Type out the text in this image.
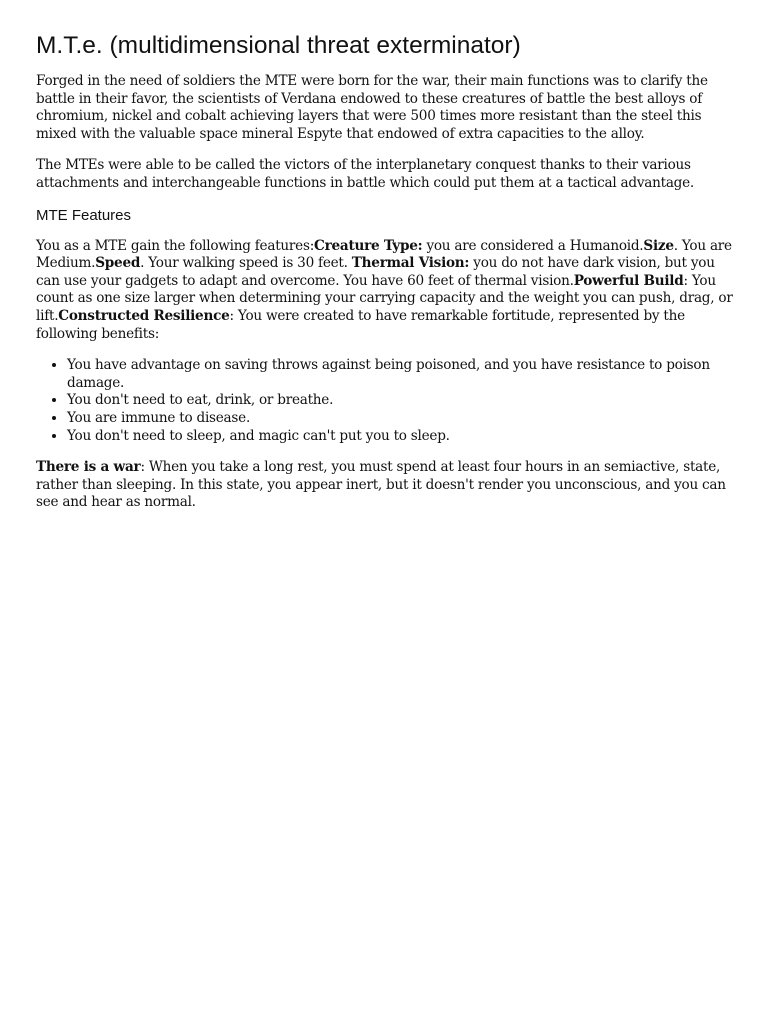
M.T.e. (multidimensional threat exterminator)

Forged in the need of soldiers the MTE were born for the war, their main functions was to clarify the battle in their favor, the scientists of Verdana endowed to these creatures of battle the best alloys of chromium, nickel and cobalt achieving layers that were 500 times more resistant than the steel this mixed with the valuable space mineral Espyte that endowed of extra capacities to the alloy.

The MTEs were able to be called the victors of the interplanetary conquest thanks to their various attachments and interchangeable functions in battle which could put them at a tactical advantage.

MTE Features

You as a MTE gain the following features:Creature Type: you are considered a Humanoid.Size. You are Medium.Speed. Your walking speed is 30 feet. Thermal Vision: you do not have dark vision, but you can use your gadgets to adapt and overcome. You have 60 feet of thermal vision.Powerful Build: You count as one size larger when determining your carrying capacity and the weight you can push, drag, or lift.Constructed Resilience: You were created to have remarkable fortitude, represented by the following benefits:

• You have advantage on saving throws against being poisoned, and you have resistance to poison damage.
• You don't need to eat, drink, or breathe.
• You are immune to disease.
• You don't need to sleep, and magic can't put you to sleep.

There is a war: When you take a long rest, you must spend at least four hours in an semiactive, state, rather than sleeping. In this state, you appear inert, but it doesn't render you unconscious, and you can see and hear as normal.
